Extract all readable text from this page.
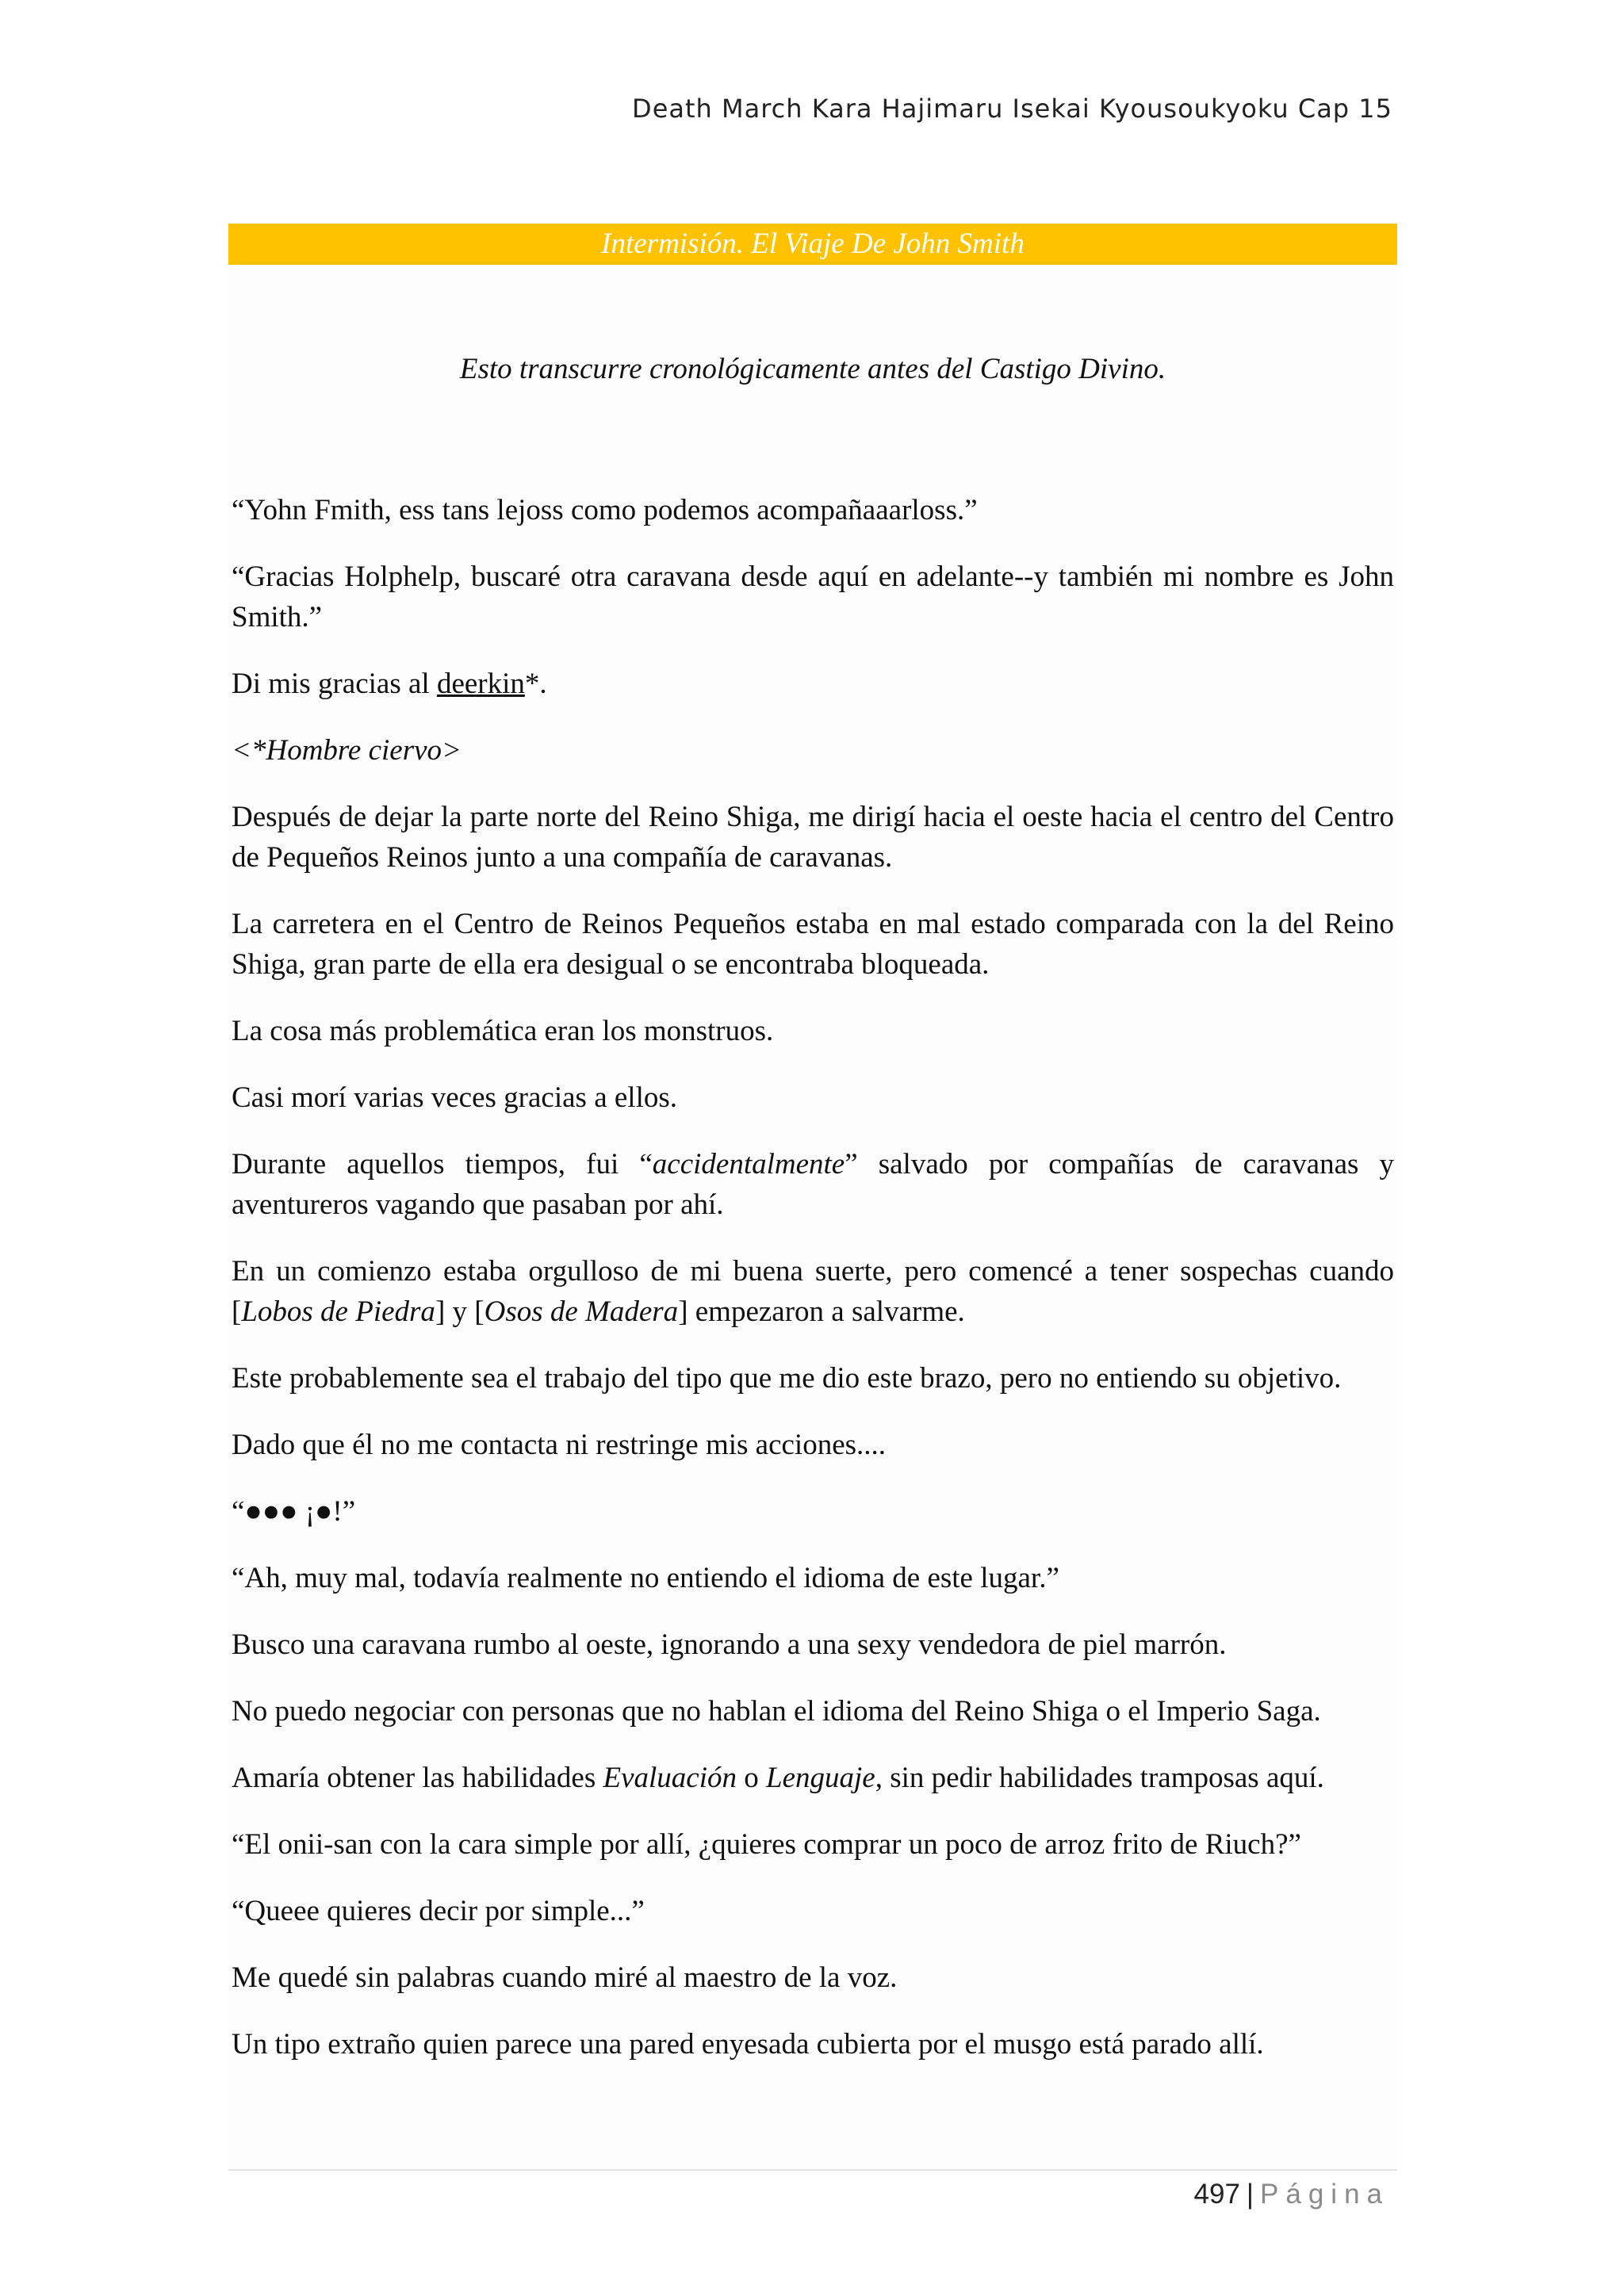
Death March Kara Hajimaru Isekai Kyousoukyoku Cap 15
Intermisión. El Viaje De John Smith
Esto transcurre cronológicamente antes del Castigo Divino.

“Yohn Fmith, ess tans lejoss como podemos acompañaaarloss.”

“Gracias Holphelp, buscaré otra caravana desde aquí en adelante--y también mi nombre es John Smith.”

Di mis gracias al deerkin*.

<*Hombre ciervo>

Después de dejar la parte norte del Reino Shiga, me dirigí hacia el oeste hacia el centro del Centro de Pequeños Reinos junto a una compañía de caravanas.

La carretera en el Centro de Reinos Pequeños estaba en mal estado comparada con la del Reino Shiga, gran parte de ella era desigual o se encontraba bloqueada.

La cosa más problemática eran los monstruos.

Casi morí varias veces gracias a ellos.

Durante aquellos tiempos, fui “accidentalmente” salvado por compañías de caravanas y aventureros vagando que pasaban por ahí.

En un comienzo estaba orgulloso de mi buena suerte, pero comencé a tener sospechas cuando [Lobos de Piedra] y [Osos de Madera] empezaron a salvarme.

Este probablemente sea el trabajo del tipo que me dio este brazo, pero no entiendo su objetivo.

Dado que él no me contacta ni restringe mis acciones....

“●●● ¡●!”

“Ah, muy mal, todavía realmente no entiendo el idioma de este lugar.”

Busco una caravana rumbo al oeste, ignorando a una sexy vendedora de piel marrón.

No puedo negociar con personas que no hablan el idioma del Reino Shiga o el Imperio Saga.

Amaría obtener las habilidades Evaluación o Lenguaje, sin pedir habilidades tramposas aquí.

“El onii-san con la cara simple por allí, ¿quieres comprar un poco de arroz frito de Riuch?”

“Queee quieres decir por simple...”

Me quedé sin palabras cuando miré al maestro de la voz.

Un tipo extraño quien parece una pared enyesada cubierta por el musgo está parado allí.

497 | Página
